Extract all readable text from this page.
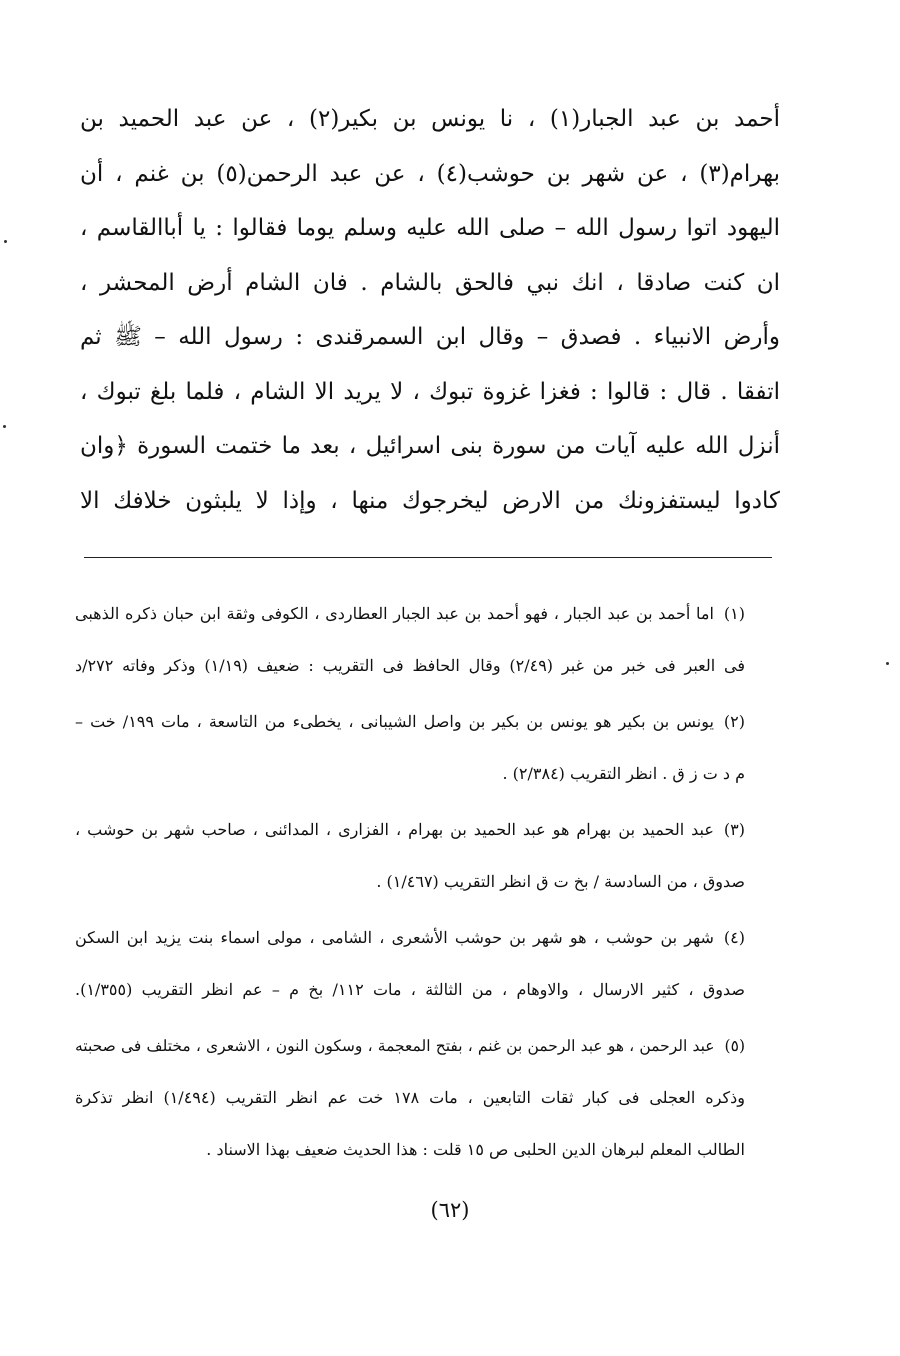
أحمد بن عبد الجبار(١) ، نا يونس بن بكير(٢) ، عن عبد الحميد بن
بهرام(٣) ، عن شهر بن حوشب(٤) ، عن عبد الرحمن(٥) بن غنم ، أن
اليهود اتوا رسول الله – صلى الله عليه وسلم يوما فقالوا : يا أباالقاسم ،
ان كنت صادقا ، انك نبي فالحق بالشام . فان الشام أرض المحشر ،
وأرض الانبياء . فصدق – وقال ابن السمرقندى : رسول الله – ﷺ ثم
اتفقا . قال : قالوا : فغزا غزوة تبوك ، لا يريد الا الشام ، فلما بلغ تبوك ،
أنزل الله عليه آيات من سورة بنى اسرائيل ، بعد ما ختمت السورة ﴿وان
كادوا ليستفزونك من الارض ليخرجوك منها ، وإذا لا يلبثون خلافك الا
(١)اما أحمد بن عبد الجبار ، فهو أحمد بن عبد الجبار العطاردى ، الكوفى وثقة ابن حبان ذكره الذهبى
فى العبر فى خبر من غبر (٢/٤٩) وقال الحافظ فى التقريب : ضعيف (١/١٩) وذكر وفاته ٢٧٢/د
(٢)يونس بن بكير هو يونس بن بكير بن واصل الشيبانى ، يخطىء من التاسعة ، مات ١٩٩/ خت –
م د ت ز ق . انظر التقريب (٢/٣٨٤) .
(٣)عبد الحميد بن بهرام هو عبد الحميد بن بهرام ، الفزارى ، المدائنى ، صاحب شهر بن حوشب ،
صدوق ، من السادسة / بخ ت ق انظر التقريب (١/٤٦٧) .
(٤)شهر بن حوشب ، هو شهر بن حوشب الأشعرى ، الشامى ، مولى اسماء بنت يزيد ابن السكن
صدوق ، كثير الارسال ، والاوهام ، من الثالثة ، مات ١١٢/ بخ م – عم انظر التقريب (١/٣٥٥).
(٥)عبد الرحمن ، هو عبد الرحمن بن غنم ، بفتح المعجمة ، وسكون النون ، الاشعرى ، مختلف فى صحبته
وذكره العجلى فى كبار ثقات التابعين ، مات ١٧٨ خت عم انظر التقريب (١/٤٩٤) انظر تذكرة
الطالب المعلم لبرهان الدين الحلبى ص ١٥ قلت : هذا الحديث ضعيف بهذا الاسناد .
(٦٢)
